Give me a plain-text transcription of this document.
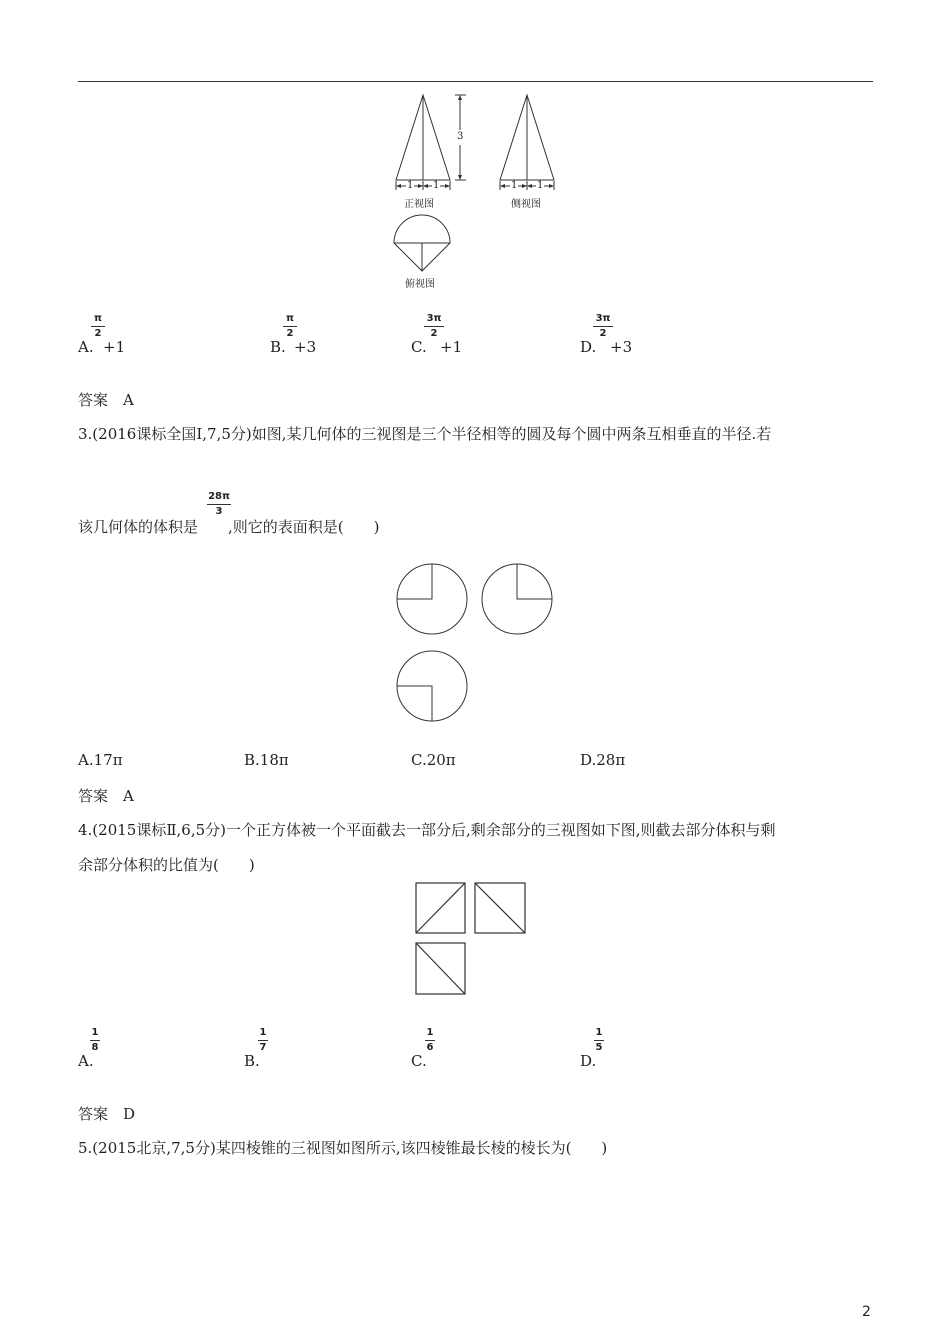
1 1	1 1
3
正视图	侧视图
俯视图
A.
π
2
+1	B.
π
2
+3	C.
3π
2
+1	D.
3π
2
+3
答案　A
3.(2016课标全国Ⅰ,7,5分)如图,某几何体的三视图是三个半径相等的圆及每个圆中两条互相垂直的半径.若
该几何体的体积是
28π
3
,则它的表面积是(　　)
A.17π	B.18π	C.20π	D.28π
答案　A
4.(2015课标Ⅱ,6,5分)一个正方体被一个平面截去一部分后,剩余部分的三视图如下图,则截去部分体积与剩
余部分体积的比值为(　　)
A.
1
8
B.
1
7
C.
1
6
D.
1
5
答案　D
5.(2015北京,7,5分)某四棱锥的三视图如图所示,该四棱锥最长棱的棱长为(　　)
2
